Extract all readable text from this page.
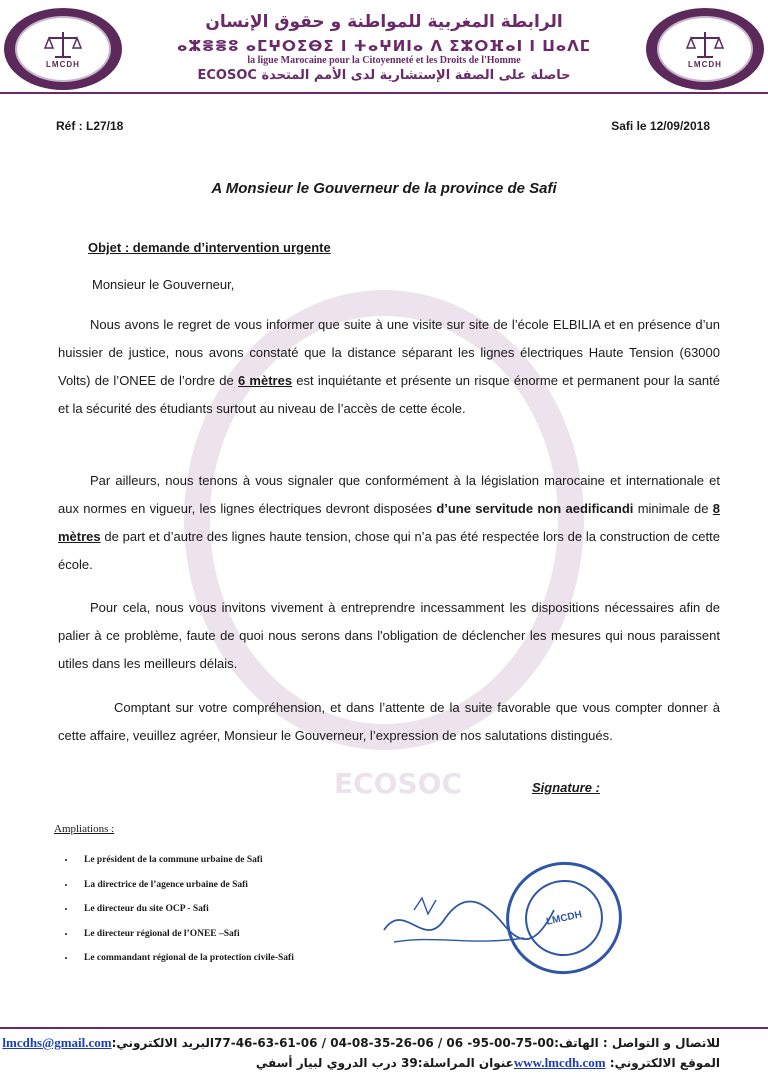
LMCDH	LMCDH
الرابطة المغربية للمواطنة و حقوق الإنسان
ⴰⵣⴻⴻⵓ ⴰⵎⵖⵔⵉⴱⵉ ⵏ ⵜⴰⵖⵍⵏⴰ ⴷ ⵉⵣⵔⴼⴰⵏ ⵏ ⵡⴰⴷⵎ
la ligue Marocaine pour la Citoyenneté et les Droits de l'Homme
ECOSOC حاصلة على الصفة الإستشارية لدى الأمم المتحدة
ECOSOC
Réf : L27/18	Safi le 12/09/2018
A Monsieur le Gouverneur de la province de Safi
Objet : demande d’intervention urgente
Monsieur le Gouverneur,

Nous avons le regret de vous informer que suite à une visite sur site de l’école ELBILIA et en présence d’un huissier de justice, nous avons constaté que la distance séparant les lignes électriques Haute Tension (63000 Volts) de l’ONEE de l’ordre de 6 mètres est inquiétante et présente un risque énorme et permanent pour la santé et la sécurité des étudiants surtout au niveau de l’accès de cette école.

Par ailleurs, nous tenons à vous signaler que conformément à la législation marocaine et internationale et aux normes en vigueur, les lignes électriques devront disposées d’une servitude non aedificandi minimale de 8 mètres de part et d’autre des lignes haute tension, chose qui n’a pas été respectée lors de la construction de cette école.

Pour cela, nous vous invitons vivement à entreprendre incessamment les dispositions nécessaires afin de palier à ce problème, faute de quoi nous serons dans l'obligation de déclencher les mesures qui nous paraissent utiles dans les meilleurs délais.

Comptant sur votre compréhension, et dans l’attente de la suite favorable que vous compter donner à cette affaire, veuillez agréer, Monsieur le Gouverneur, l’expression de nos salutations distingués.

Signature :
Ampliations :
• Le président de la commune urbaine de Safi
• La directrice de l’agence urbaine de Safi
• Le directeur du site OCP - Safi
• Le directeur régional de l’ONEE –Safi
• Le commandant régional de la protection civile-Safi
LMCDH
للاتصال و التواصل : الهاتف:00-75-00-95- 06 / 06-26-35-08-04 / 06-61-63-46-77البريد الالكتروني:lmcdhs@gmail.com
الموقع الالكتروني: www.lmcdh.comعنوان المراسلة:39 درب الدروي لبيار أسفي
